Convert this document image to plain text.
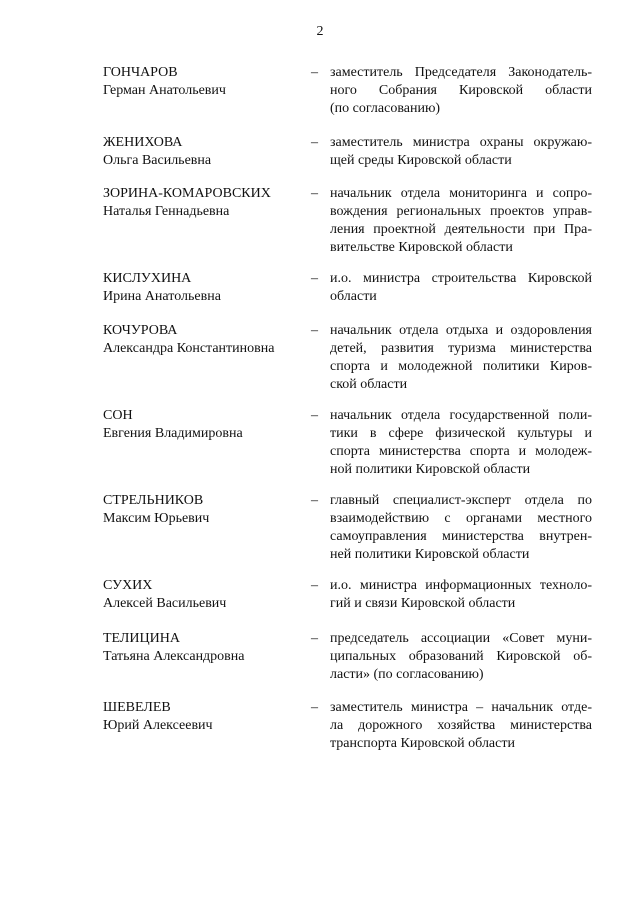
2
ГОНЧАРОВ
Герман Анатольевич
– заместитель Председателя Законодатель-
ного Собрания Кировской области
(по согласованию)
ЖЕНИХОВА
Ольга Васильевна
– заместитель министра охраны окружаю-
щей среды Кировской области
ЗОРИНА-КОМАРОВСКИХ
Наталья Геннадьевна
– начальник отдела мониторинга и сопро-
вождения региональных проектов управ-
ления проектной деятельности при Пра-
вительстве Кировской области
КИСЛУХИНА
Ирина Анатольевна
– и.о. министра строительства Кировской
области
КОЧУРОВА
Александра Константиновна
– начальник отдела отдыха и оздоровления
детей, развития туризма министерства
спорта и молодежной политики Киров-
ской области
СОН
Евгения Владимировна
– начальник отдела государственной поли-
тики в сфере физической культуры и
спорта министерства спорта и молодеж-
ной политики Кировской области
СТРЕЛЬНИКОВ
Максим Юрьевич
– главный специалист-эксперт отдела по
взаимодействию с органами местного
самоуправления министерства внутрен-
ней политики Кировской области
СУХИХ
Алексей Васильевич
– и.о. министра информационных техноло-
гий и связи Кировской области
ТЕЛИЦИНА
Татьяна Александровна
– председатель ассоциации «Совет муни-
ципальных образований Кировской об-
ласти» (по согласованию)
ШЕВЕЛЕВ
Юрий Алексеевич
– заместитель министра – начальник отде-
ла дорожного хозяйства министерства
транспорта Кировской области
